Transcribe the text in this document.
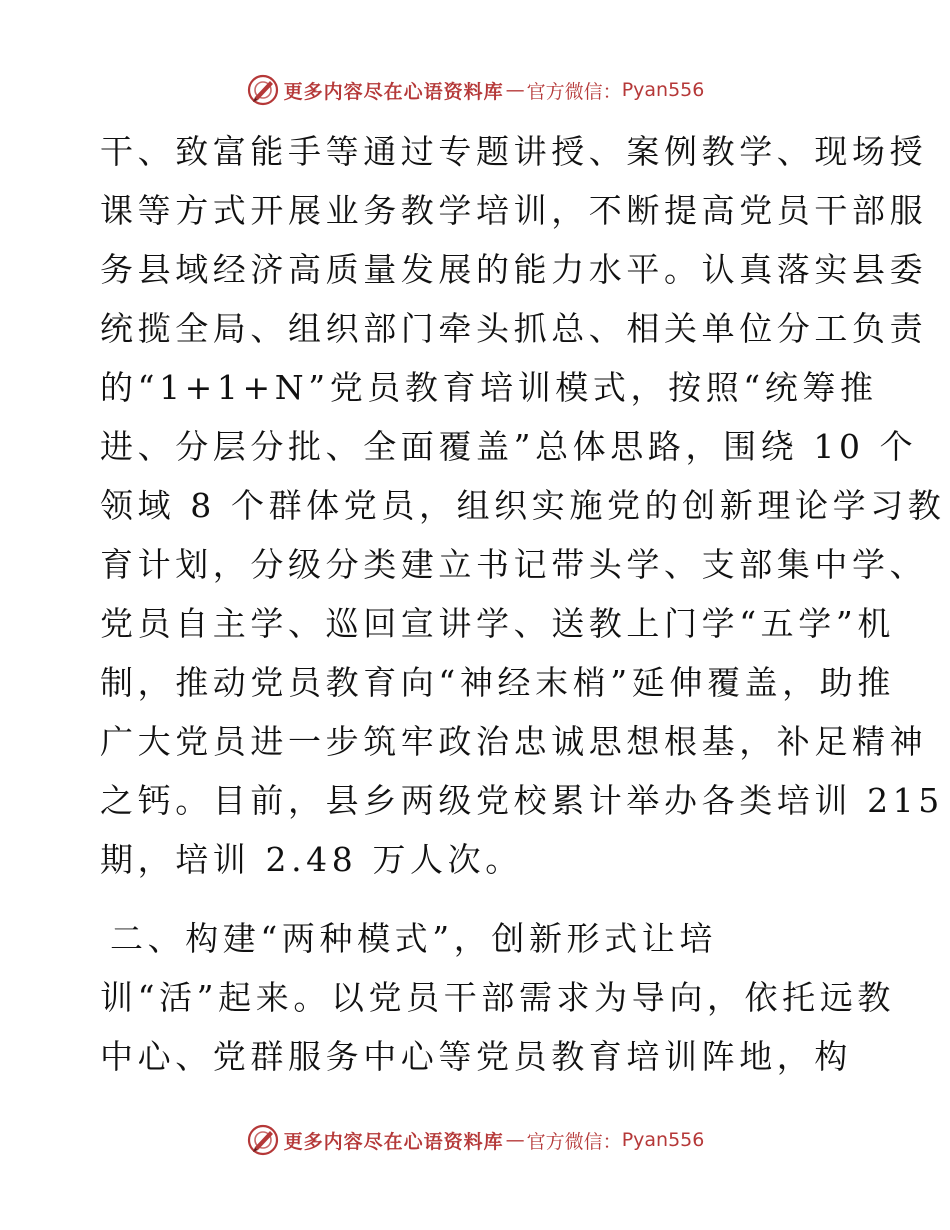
更多内容尽在心语资料库 — 官方微信： Pyan556
干、致富能手等通过专题讲授、案例教学、现场授
课等方式开展业务教学培训，不断提高党员干部服
务县域经济高质量发展的能力水平。认真落实县委
统揽全局、组织部门牵头抓总、相关单位分工负责
的“1+1+N”党员教育培训模式，按照“统筹推
进、分层分批、全面覆盖”总体思路，围绕 10 个
领域 8 个群体党员，组织实施党的创新理论学习教
育计划，分级分类建立书记带头学、支部集中学、
党员自主学、巡回宣讲学、送教上门学“五学”机
制，推动党员教育向“神经末梢”延伸覆盖，助推
广大党员进一步筑牢政治忠诚思想根基，补足精神
之钙。目前，县乡两级党校累计举办各类培训 215
期，培训 2.48 万人次。
二、构建“两种模式”，创新形式让培
训“活”起来。以党员干部需求为导向，依托远教
中心、党群服务中心等党员教育培训阵地，构
更多内容尽在心语资料库 — 官方微信： Pyan556
